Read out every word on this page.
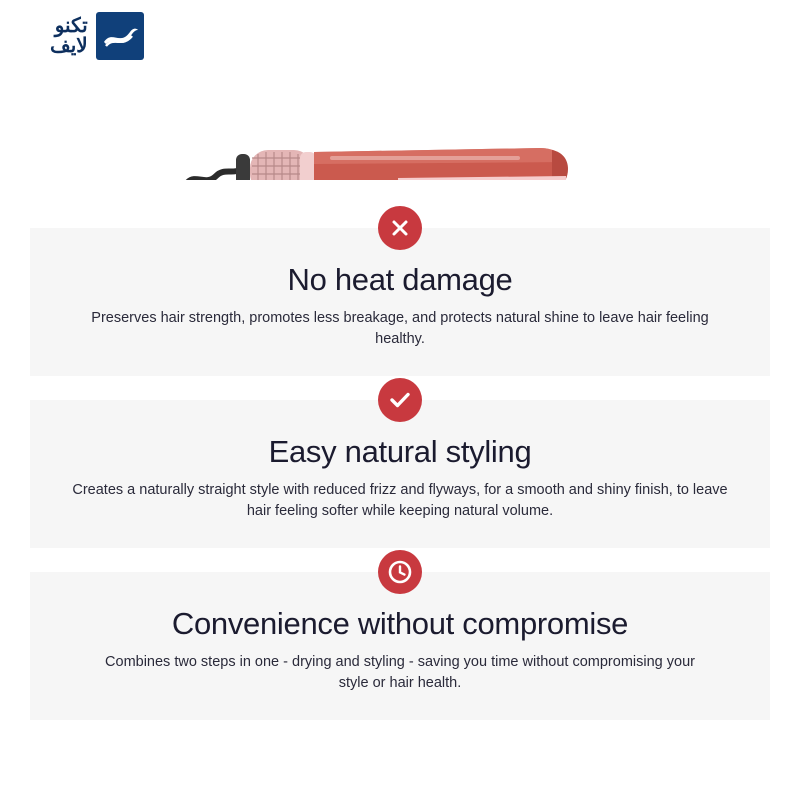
تكنو
لايف
No heat damage
Preserves hair strength, promotes less breakage, and protects natural shine to leave hair feeling healthy.
Easy natural styling
Creates a naturally straight style with reduced frizz and flyways, for a smooth and shiny finish, to leave hair feeling softer while keeping natural volume.
Convenience without compromise
Combines two steps in one - drying and styling - saving you time without compromising your style or hair health.
